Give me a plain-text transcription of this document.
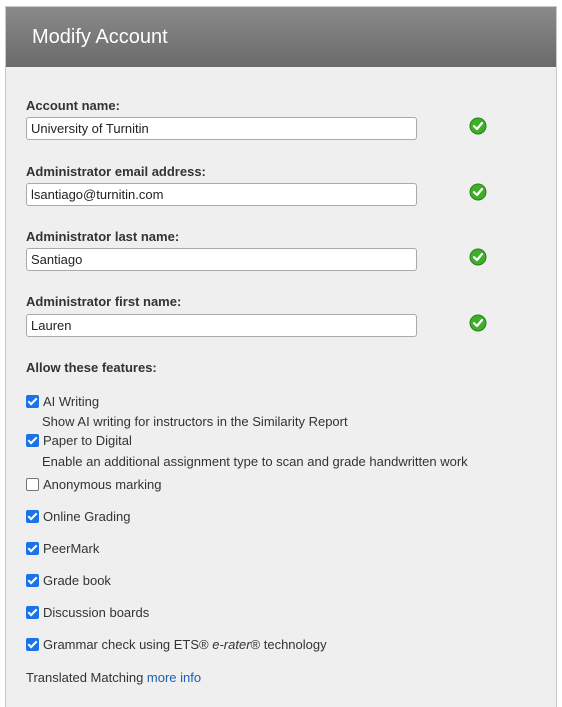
Modify Account
Account name:
University of Turnitin
Administrator email address:
lsantiago@turnitin.com
Administrator last name:
Santiago
Administrator first name:
Lauren
Allow these features:
AI Writing
Show AI writing for instructors in the Similarity Report
Paper to Digital
Enable an additional assignment type to scan and grade handwritten work
Anonymous marking
Online Grading
PeerMark
Grade book
Discussion boards
Grammar check using ETS® e-rater® technology
Translated Matching more info
